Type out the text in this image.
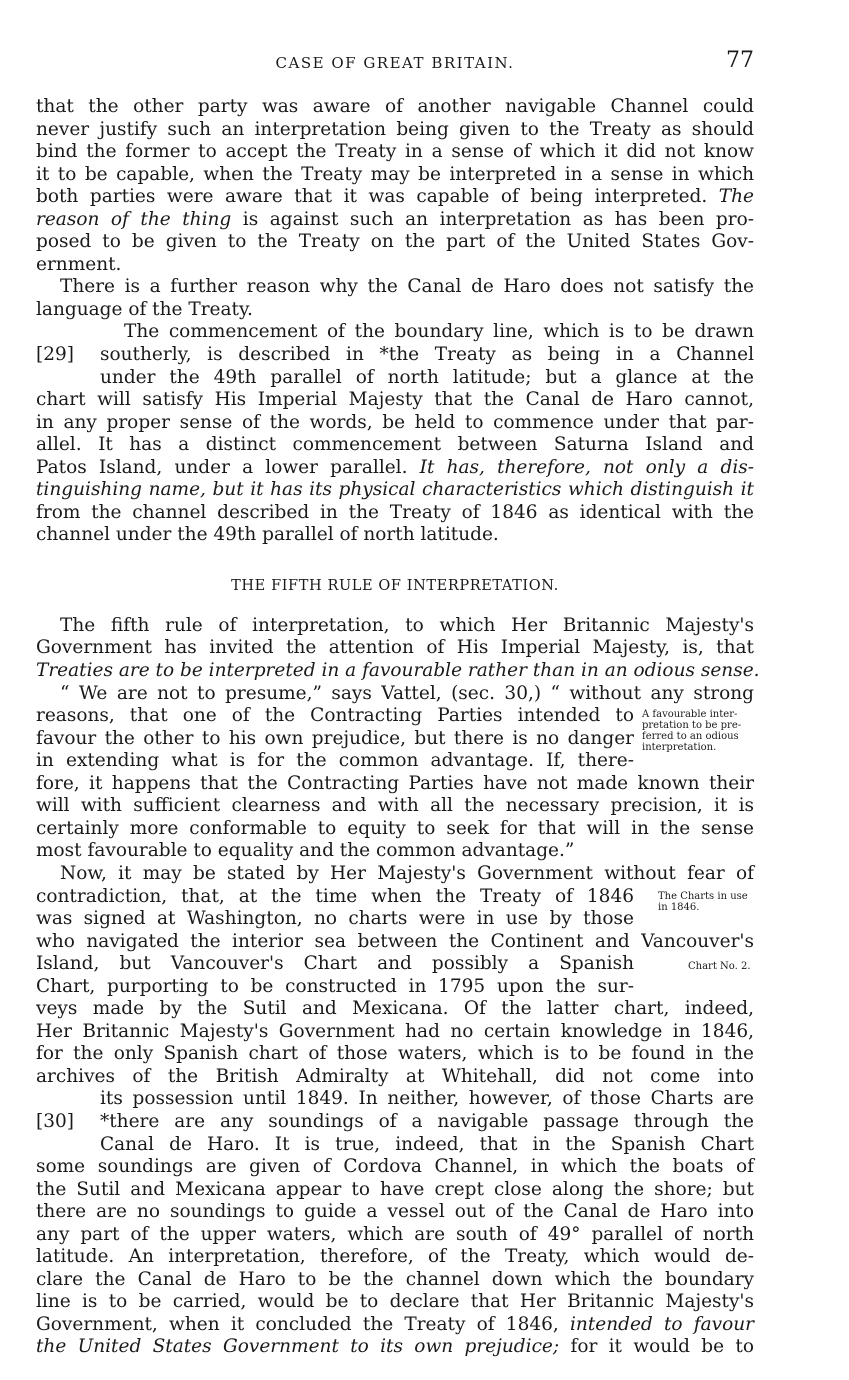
CASE OF GREAT BRITAIN.	77
that the other party was aware of another navigable Channel could
never justify such an interpretation being given to the Treaty as should
bind the former to accept the Treaty in a sense of which it did not know
it to be capable, when the Treaty may be interpreted in a sense in which
both parties were aware that it was capable of being interpreted. The
reason of the thing is against such an interpretation as has been pro-
posed to be given to the Treaty on the part of the United States Gov-
ernment.
There is a further reason why the Canal de Haro does not satisfy the
language of the Treaty.
[29]
The commencement of the boundary line, which is to be drawn
southerly, is described in *the Treaty as being in a Channel
under the 49th parallel of north latitude; but a glance at the
chart will satisfy His Imperial Majesty that the Canal de Haro cannot,
in any proper sense of the words, be held to commence under that par-
allel. It has a distinct commencement between Saturna Island and
Patos Island, under a lower parallel. It has, therefore, not only a dis-
tinguishing name, but it has its physical characteristics which distinguish it
from the channel described in the Treaty of 1846 as identical with the
channel under the 49th parallel of north latitude.
THE FIFTH RULE OF INTERPRETATION.
The fifth rule of interpretation, to which Her Britannic Majesty's
Government has invited the attention of His Imperial Majesty, is, that
Treaties are to be interpreted in a favourable rather than in an odious sense.
“ We are not to presume,” says Vattel, (sec. 30,) “ without any strong
reasons, that one of the Contracting Parties intended to
favour the other to his own prejudice, but there is no danger
in extending what is for the common advantage. If, there-
fore, it happens that the Contracting Parties have not made known their
will with sufficient clearness and with all the necessary precision, it is
certainly more conformable to equity to seek for that will in the sense
most favourable to equality and the common advantage.”
A favourable inter-
pretation to be pre-
ferred to an odious
interpretation.
Now, it may be stated by Her Majesty's Government without fear of
contradiction, that, at the time when the Treaty of 1846
was signed at Washington, no charts were in use by those
who navigated the interior sea between the Continent and Vancouver's
Island, but Vancouver's Chart and possibly a Spanish
Chart, purporting to be constructed in 1795 upon the sur-
veys made by the Sutil and Mexicana. Of the latter chart, indeed,
Her Britannic Majesty's Government had no certain knowledge in 1846,
for the only Spanish chart of those waters, which is to be found in the
archives of the British Admiralty at Whitehall, did not come into
its possession until 1849. In neither, however, of those Charts are
*there are any soundings of a navigable passage through the
Canal de Haro. It is true, indeed, that in the Spanish Chart
some soundings are given of Cordova Channel, in which the boats of
the Sutil and Mexicana appear to have crept close along the shore; but
there are no soundings to guide a vessel out of the Canal de Haro into
any part of the upper waters, which are south of 49° parallel of north
latitude. An interpretation, therefore, of the Treaty, which would de-
clare the Canal de Haro to be the channel down which the boundary
line is to be carried, would be to declare that Her Britannic Majesty's
Government, when it concluded the Treaty of 1846, intended to favour
the United States Government to its own prejudice; for it would be to
[30]
The Charts in use
in 1846.
Chart No. 2.
